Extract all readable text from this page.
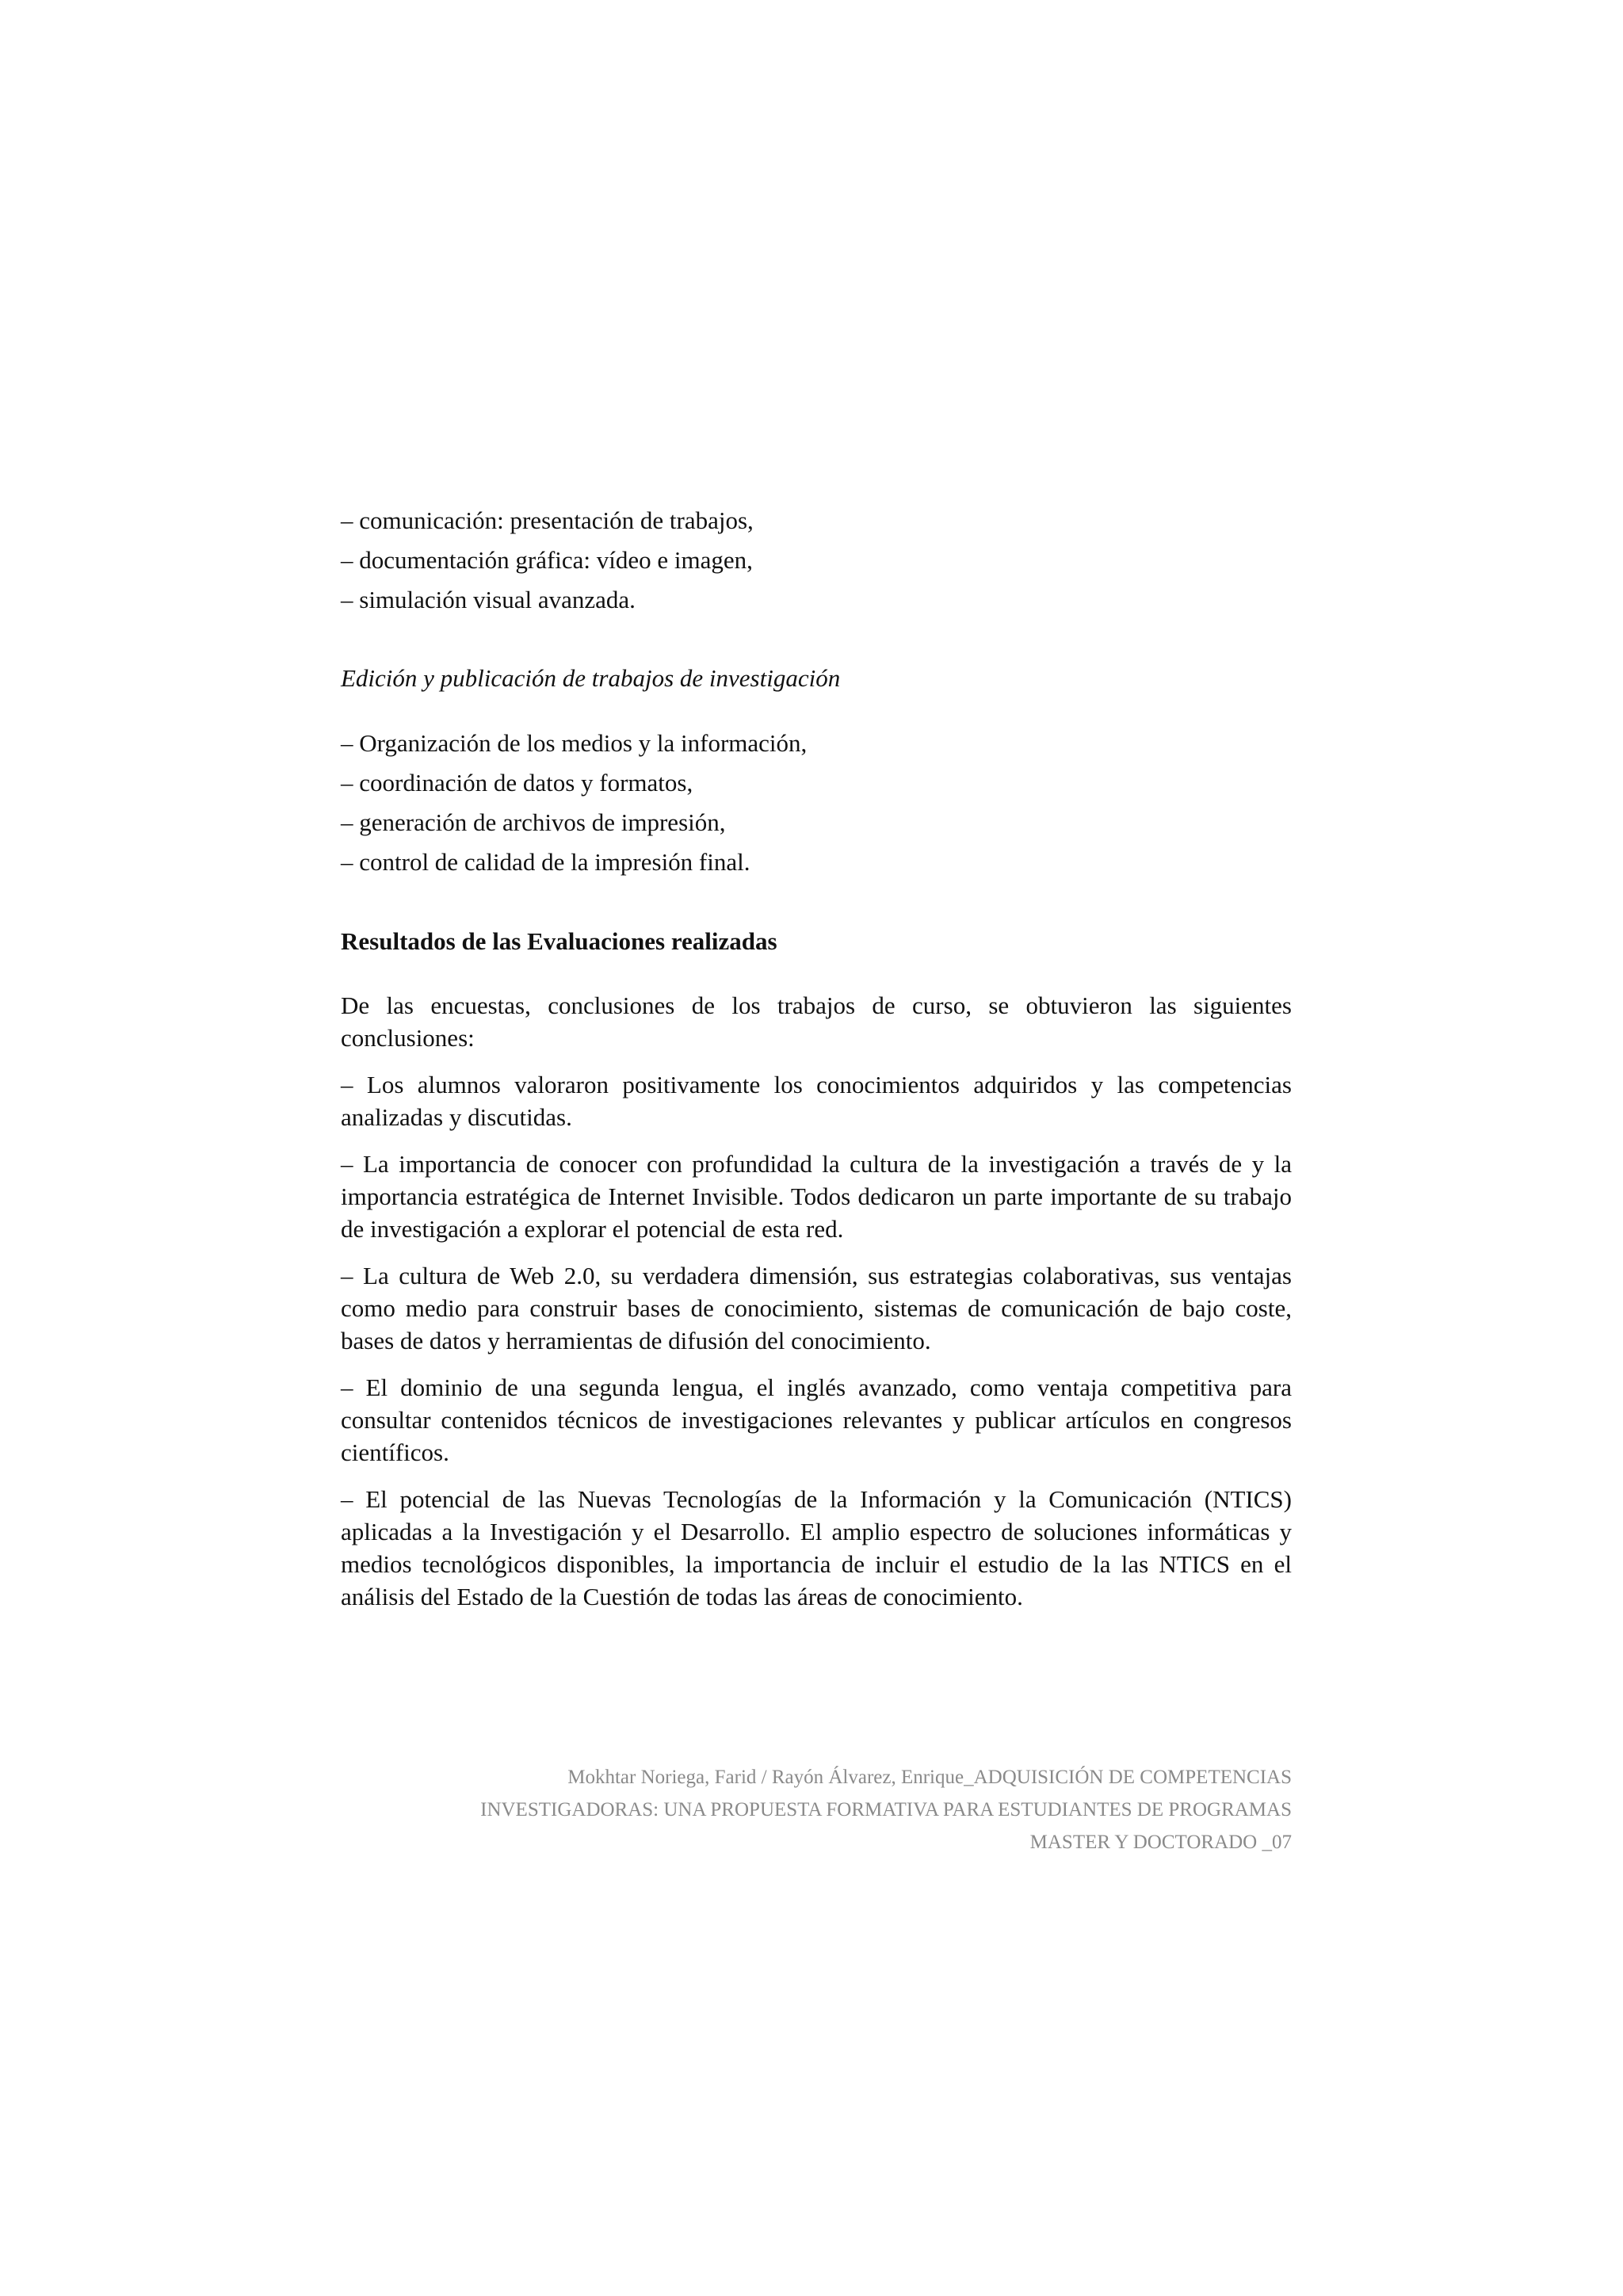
– comunicación: presentación de trabajos,
– documentación gráfica: vídeo e imagen,
– simulación visual avanzada.
Edición y publicación de trabajos de investigación
– Organización de los medios y la información,
– coordinación de datos y formatos,
– generación de archivos de impresión,
– control de calidad de la impresión final.
Resultados de las Evaluaciones realizadas

De las encuestas, conclusiones de los trabajos de curso, se obtuvieron las siguientes conclusiones:

– Los alumnos valoraron positivamente los conocimientos adquiridos y las competencias analizadas y discutidas.

– La importancia de conocer con profundidad la cultura de la investigación a través de y la importancia estratégica de Internet Invisible. Todos dedicaron un parte importante de su trabajo de investigación a explorar el potencial de esta red.

– La cultura de Web 2.0, su verdadera dimensión, sus estrategias colaborativas, sus ventajas como medio para construir bases de conocimiento, sistemas de comunicación de bajo coste, bases de datos y herramientas de difusión del conocimiento.

– El dominio de una segunda lengua, el inglés avanzado, como ventaja competitiva para consultar contenidos técnicos de investigaciones relevantes y publicar artículos en congresos científicos.

– El potencial de las Nuevas Tecnologías de la Información y la Comunicación (NTICS) aplicadas a la Investigación y el Desarrollo. El amplio espectro de soluciones informáticas y medios tecnológicos disponibles, la importancia de incluir el estudio de la las NTICS en el análisis del Estado de la Cuestión de todas las áreas de conocimiento.

Mokhtar Noriega, Farid / Rayón Álvarez, Enrique_ADQUISICIÓN DE COMPETENCIAS
INVESTIGADORAS: UNA PROPUESTA FORMATIVA PARA ESTUDIANTES DE PROGRAMAS
MASTER Y DOCTORADO _07
